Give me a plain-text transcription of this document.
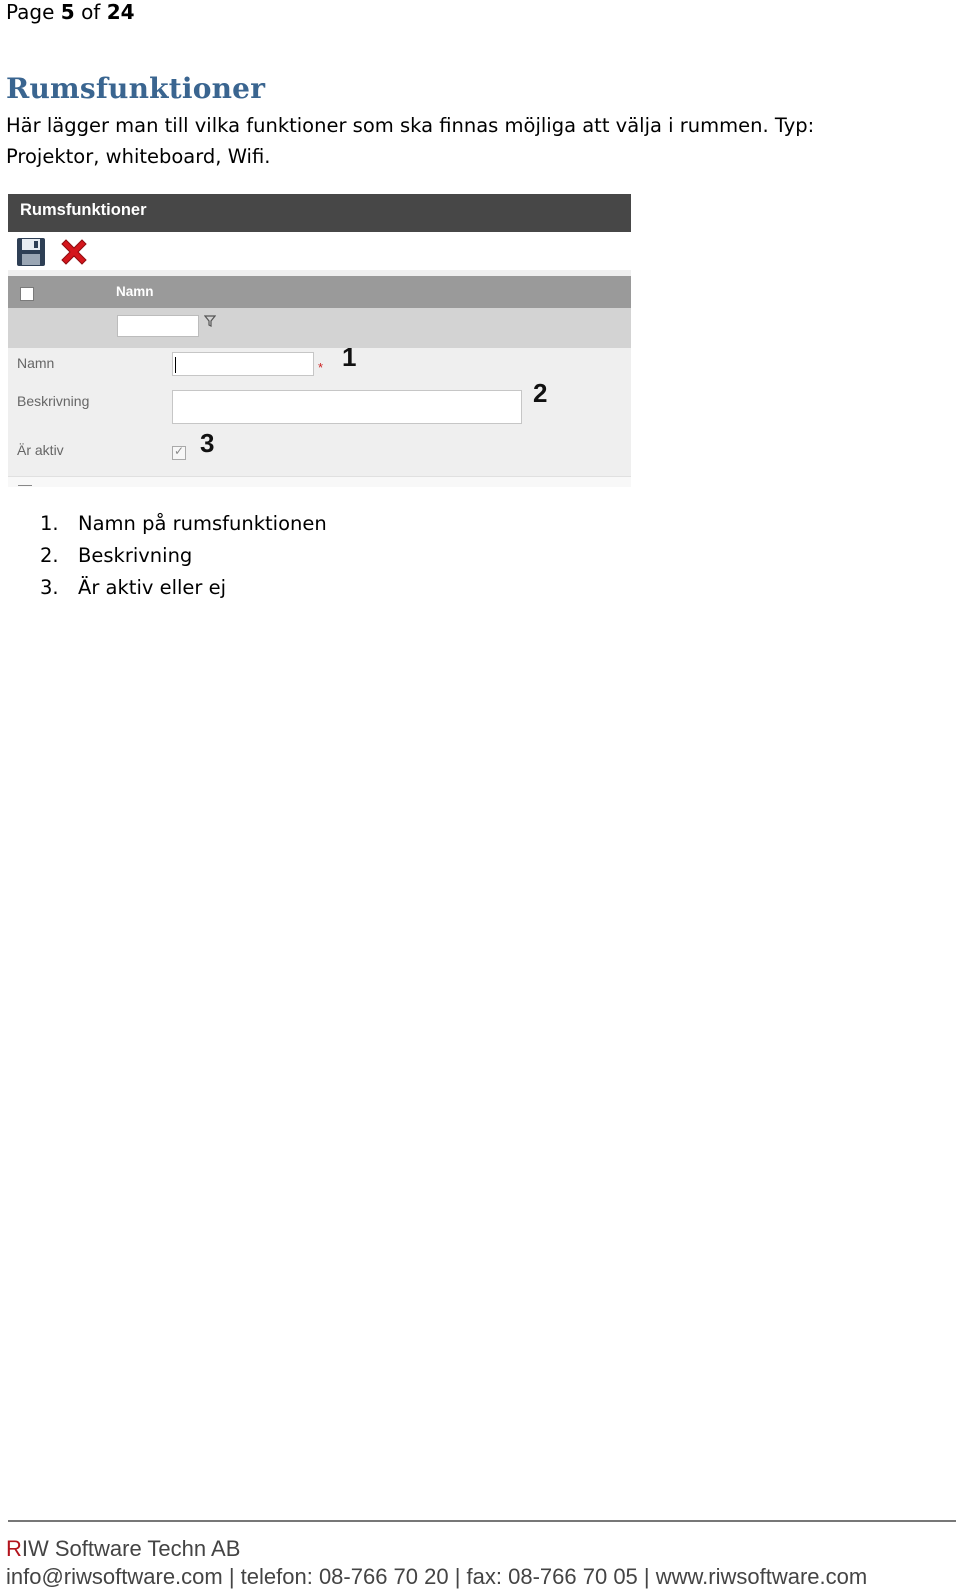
Page 5 of 24
Rumsfunktioner
Här lägger man till vilka funktioner som ska finnas möjliga att välja i rummen. Typ: Projektor, whiteboard, Wifi.
Rumsfunktioner
Namn
Namn	* 1
Beskrivning	2
Är aktiv	✓ 3
1. Namn på rumsfunktionen
2. Beskrivning
3. Är aktiv eller ej
RIW Software Techn AB
info@riwsoftware.com | telefon: 08-766 70 20 | fax: 08-766 70 05 | www.riwsoftware.com
